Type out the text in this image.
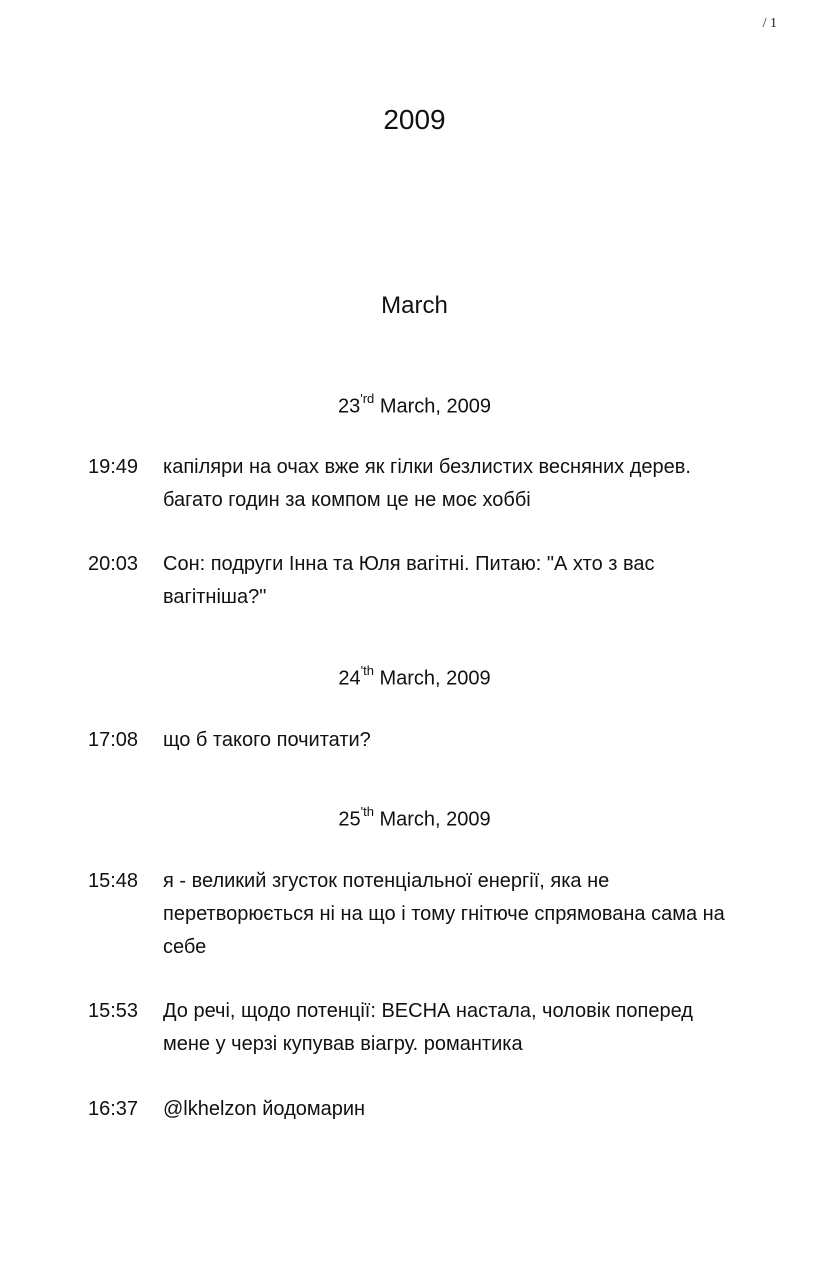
/ 1
2009
March
$23^{'rd}$ March, 2009
19:49	капіляри на очах вже як гілки безлистих весняних дерев. багато годин за компом це не моє хоббі
20:03	Сон: подруги Інна та Юля вагітні. Питаю: "А хто з вас вагітніша?"
$24^{'th}$ March, 2009
17:08	що б такого почитати?
$25^{'th}$ March, 2009
15:48	я - великий згусток потенціальної енергії, яка не перетворюється ні на що і тому гнітюче спрямована сама на себе
15:53	До речі, щодо потенції: ВЕСНА настала, чоловік поперед мене у черзі купував віагру. романтика
16:37	@lkhelzon йодомарин
